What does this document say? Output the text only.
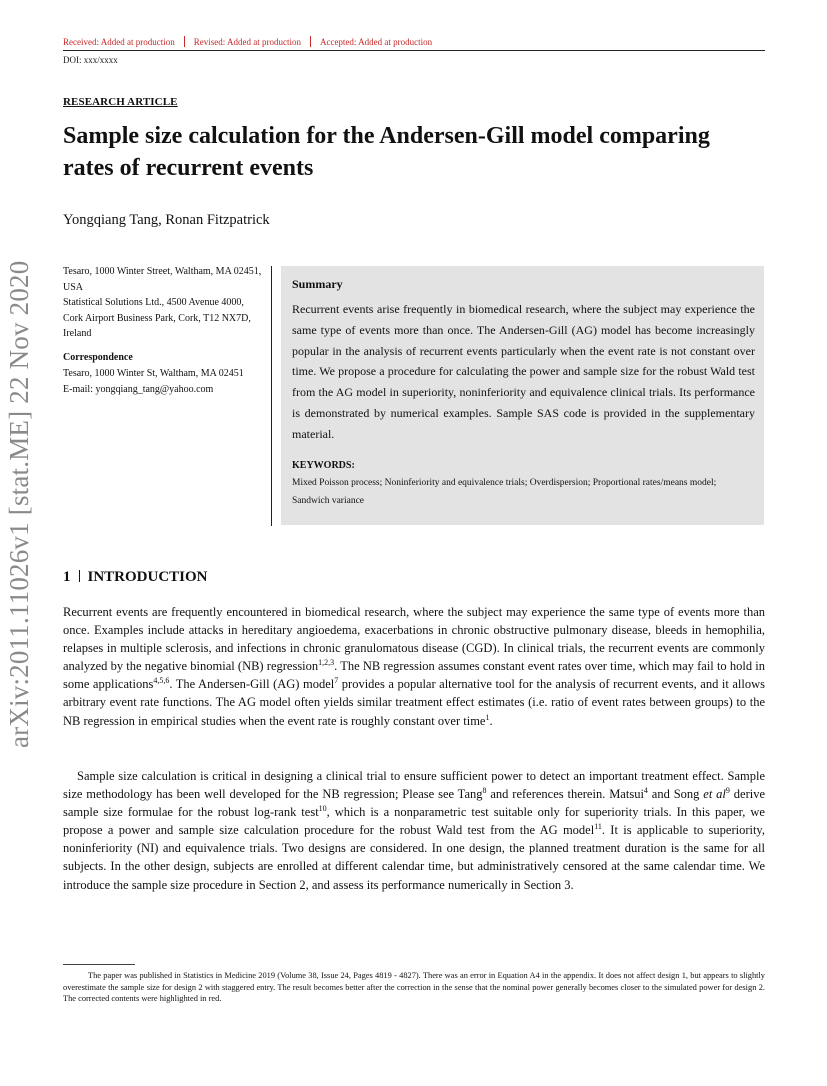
arXiv:2011.11026v1 [stat.ME] 22 Nov 2020
Received: Added at production Revised: Added at production Accepted: Added at production
DOI: xxx/xxxx
RESEARCH ARTICLE
Sample size calculation for the Andersen-Gill model comparing rates of recurrent events
Yongqiang Tang, Ronan Fitzpatrick
Tesaro, 1000 Winter Street, Waltham, MA 02451, USA
Statistical Solutions Ltd., 4500 Avenue 4000, Cork Airport Business Park, Cork, T12 NX7D, Ireland
Correspondence
Tesaro, 1000 Winter St, Waltham, MA 02451
E-mail: yongqiang_tang@yahoo.com
Summary

Recurrent events arise frequently in biomedical research, where the subject may experience the same type of events more than once. The Andersen-Gill (AG) model has become increasingly popular in the analysis of recurrent events particularly when the event rate is not constant over time. We propose a procedure for calculating the power and sample size for the robust Wald test from the AG model in superiority, noninferiority and equivalence clinical trials. Its performance is demonstrated by numerical examples. Sample SAS code is provided in the supplementary material.

KEYWORDS:

Mixed Poisson process; Noninferiority and equivalence trials; Overdispersion; Proportional rates/means model; Sandwich variance

1 INTRODUCTION

Recurrent events are frequently encountered in biomedical research, where the subject may experience the same type of events more than once. Examples include attacks in hereditary angioedema, exacerbations in chronic obstructive pulmonary disease, bleeds in hemophilia, relapses in multiple sclerosis, and infections in chronic granulomatous disease (CGD). In clinical trials, the recurrent events are commonly analyzed by the negative binomial (NB) regression$^{1,2,3}$. The NB regression assumes constant event rates over time, which may fail to hold in some applications$^{4,5,6}$. The Andersen-Gill (AG) model$^7$ provides a popular alternative tool for the analysis of recurrent events, and it allows arbitrary event rate functions. The AG model often yields similar treatment effect estimates (i.e. ratio of event rates between groups) to the NB regression in empirical studies when the event rate is roughly constant over time$^1$.

Sample size calculation is critical in designing a clinical trial to ensure sufficient power to detect an important treatment effect. Sample size methodology has been well developed for the NB regression; Please see Tang$^8$ and references therein. Matsui$^4$ and Song et $al^9$ derive sample size formulae for the robust log-rank test$^{10}$, which is a nonparametric test suitable only for superiority trials. In this paper, we propose a power and sample size calculation procedure for the robust Wald test from the AG model$^{11}$. It is applicable to superiority, noninferiority (NI) and equivalence trials. Two designs are considered. In one design, the planned treatment duration is the same for all subjects. In the other design, subjects are enrolled at different calendar time, but administratively censored at the same calendar time. We introduce the sample size procedure in Section 2, and assess its performance numerically in Section 3.

The paper was published in Statistics in Medicine 2019 (Volume 38, Issue 24, Pages 4819 - 4827). There was an error in Equation A4 in the appendix. It does not affect design 1, but appears to slightly overestimate the sample size for design 2 with staggered entry. The result becomes better after the correction in the sense that the nominal power generally becomes closer to the simulated power for design 2. The corrected contents were highlighted in red.
